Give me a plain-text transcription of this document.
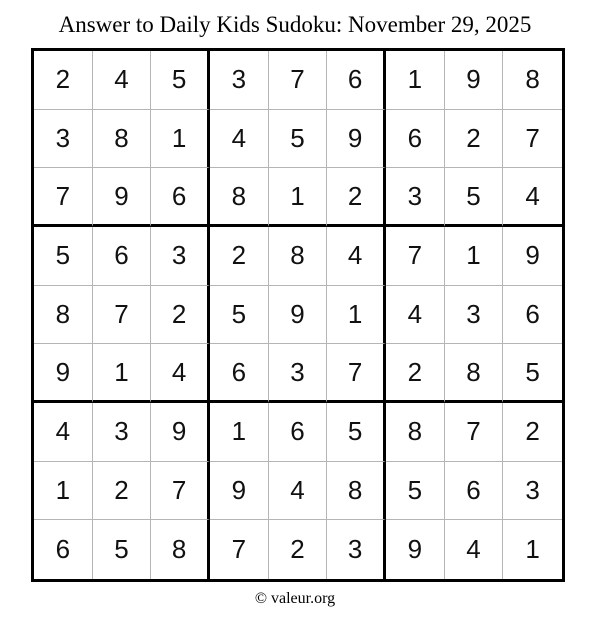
Answer to Daily Kids Sudoku: November 29, 2025
2	4	5	3	7	6	1	9	8
3	8	1	4	5	9	6	2	7
7	9	6	8	1	2	3	5	4
5	6	3	2	8	4	7	1	9
8	7	2	5	9	1	4	3	6
9	1	4	6	3	7	2	8	5
4	3	9	1	6	5	8	7	2
1	2	7	9	4	8	5	6	3
6	5	8	7	2	3	9	4	1
© valeur.org
